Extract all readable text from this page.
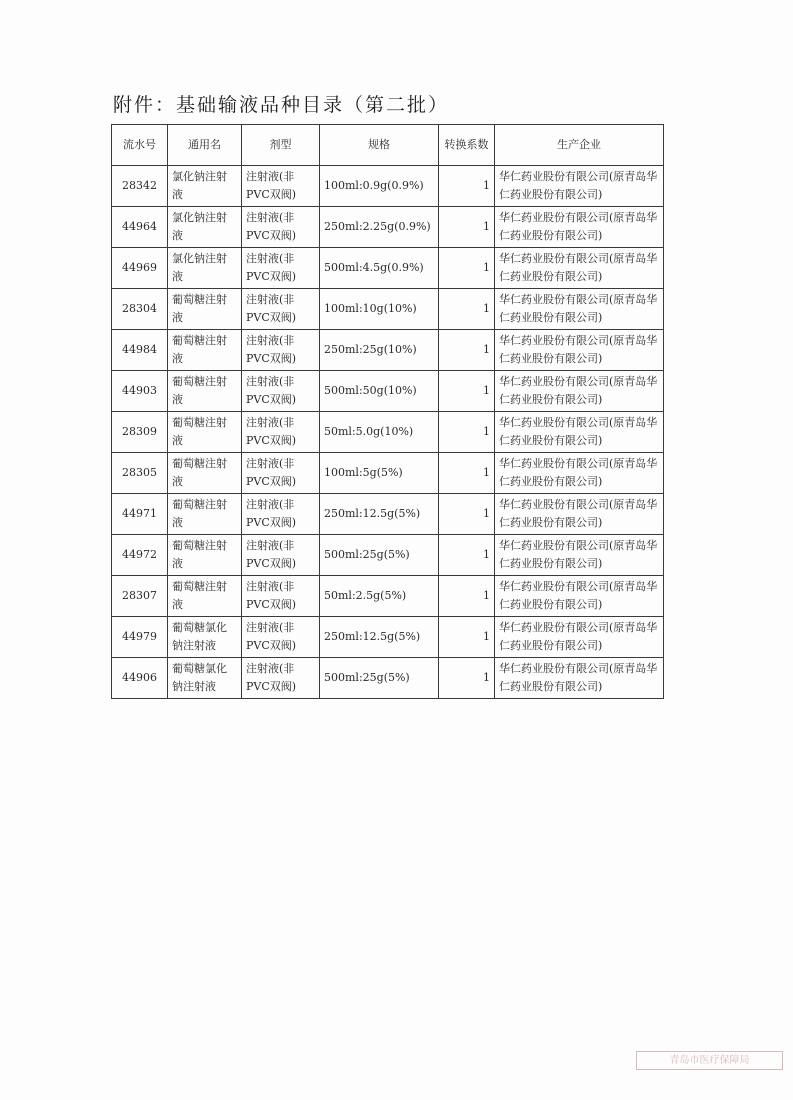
附件：基础输液品种目录（第二批）
流水号	通用名	剂型	规格	转换系数	生产企业
28342	氯化钠注射液	注射液(非PVC双阀)	100ml:0.9g(0.9%)	1	华仁药业股份有限公司(原青岛华仁药业股份有限公司)
44964	氯化钠注射液	注射液(非PVC双阀)	250ml:2.25g(0.9%)	1	华仁药业股份有限公司(原青岛华仁药业股份有限公司)
44969	氯化钠注射液	注射液(非PVC双阀)	500ml:4.5g(0.9%)	1	华仁药业股份有限公司(原青岛华仁药业股份有限公司)
28304	葡萄糖注射液	注射液(非PVC双阀)	100ml:10g(10%)	1	华仁药业股份有限公司(原青岛华仁药业股份有限公司)
44984	葡萄糖注射液	注射液(非PVC双阀)	250ml:25g(10%)	1	华仁药业股份有限公司(原青岛华仁药业股份有限公司)
44903	葡萄糖注射液	注射液(非PVC双阀)	500ml:50g(10%)	1	华仁药业股份有限公司(原青岛华仁药业股份有限公司)
28309	葡萄糖注射液	注射液(非PVC双阀)	50ml:5.0g(10%)	1	华仁药业股份有限公司(原青岛华仁药业股份有限公司)
28305	葡萄糖注射液	注射液(非PVC双阀)	100ml:5g(5%)	1	华仁药业股份有限公司(原青岛华仁药业股份有限公司)
44971	葡萄糖注射液	注射液(非PVC双阀)	250ml:12.5g(5%)	1	华仁药业股份有限公司(原青岛华仁药业股份有限公司)
44972	葡萄糖注射液	注射液(非PVC双阀)	500ml:25g(5%)	1	华仁药业股份有限公司(原青岛华仁药业股份有限公司)
28307	葡萄糖注射液	注射液(非PVC双阀)	50ml:2.5g(5%)	1	华仁药业股份有限公司(原青岛华仁药业股份有限公司)
44979	葡萄糖氯化钠注射液	注射液(非PVC双阀)	250ml:12.5g(5%)	1	华仁药业股份有限公司(原青岛华仁药业股份有限公司)
44906	葡萄糖氯化钠注射液	注射液(非PVC双阀)	500ml:25g(5%)	1	华仁药业股份有限公司(原青岛华仁药业股份有限公司)
青岛市医疗保障局
